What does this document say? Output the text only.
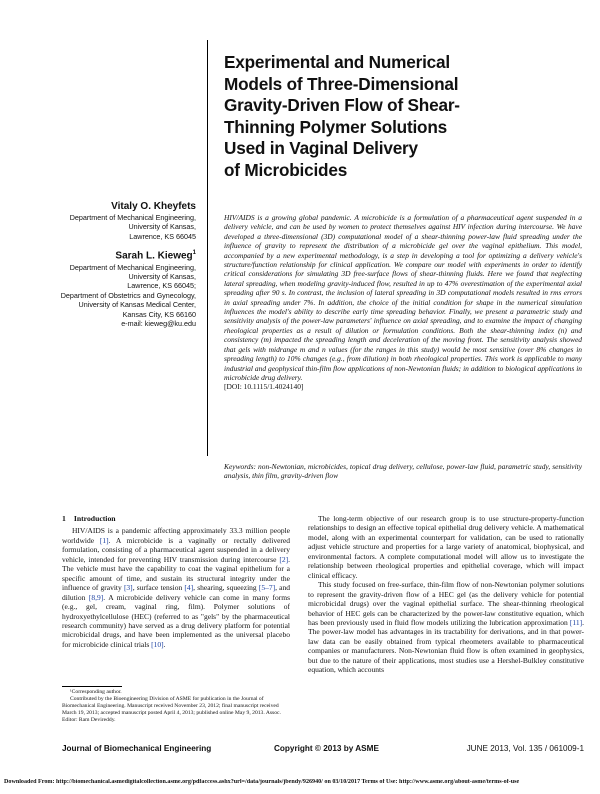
Experimental and Numerical
Models of Three-Dimensional
Gravity-Driven Flow of Shear-
Thinning Polymer Solutions
Used in Vaginal Delivery
of Microbicides
Vitaly O. Kheyfets
Department of Mechanical Engineering,
University of Kansas,
Lawrence, KS 66045
Sarah L. Kieweg$^1$
Department of Mechanical Engineering,
University of Kansas,
Lawrence, KS 66045;
Department of Obstetrics and Gynecology,
University of Kansas Medical Center,
Kansas City, KS 66160
e-mail: kieweg@ku.edu

HIV/AIDS is a growing global pandemic. A microbicide is a formulation of a pharmaceutical agent suspended in a delivery vehicle, and can be used by women to protect themselves against HIV infection during intercourse. We have developed a three-dimensional (3D) computational model of a shear-thinning power-law fluid spreading under the influence of gravity to represent the distribution of a microbicide gel over the vaginal epithelium. This model, accompanied by a new experimental methodology, is a step in developing a tool for optimizing a delivery vehicle's structure/function relationship for clinical application. We compare our model with experiments in order to identify critical considerations for simulating 3D free-surface flows of shear-thinning fluids. Here we found that neglecting lateral spreading, when modeling gravity-induced flow, resulted in up to 47% overestimation of the experimental axial spreading after 90 s. In contrast, the inclusion of lateral spreading in 3D computational models resulted in rms errors in axial spreading under 7%. In addition, the choice of the initial condition for shape in the numerical simulation influences the model's ability to describe early time spreading behavior. Finally, we present a parametric study and sensitivity analysis of the power-law parameters' influence on axial spreading, and to examine the impact of changing rheological properties as a result of dilution or formulation conditions. Both the shear-thinning index (n) and consistency (m) impacted the spreading length and deceleration of the moving front. The sensitivity analysis showed that gels with midrange m and n values (for the ranges in this study) would be most sensitive (over 8% changes in spreading length) to 10% changes (e.g., from dilution) in both rheological properties. This work is applicable to many industrial and geophysical thin-film flow applications of non-Newtonian fluids; in addition to biological applications in microbicide drug delivery.
[DOI: 10.1115/1.4024140]

Keywords: non-Newtonian, microbicides, topical drug delivery, cellulose, power-law fluid, parametric study, sensitivity analysis, thin film, gravity-driven flow

1 Introduction

HIV/AIDS is a pandemic affecting approximately 33.3 million people worldwide [1]. A microbicide is a vaginally or rectally delivered formulation, consisting of a pharmaceutical agent suspended in a delivery vehicle, intended for preventing HIV transmission during intercourse [2]. The vehicle must have the capability to coat the vaginal epithelium for a specific amount of time, and sustain its structural integrity under the influence of gravity [3], surface tension [4], shearing, squeezing [5–7], and dilution [8,9]. A microbicide delivery vehicle can come in many forms (e.g., gel, cream, vaginal ring, film). Polymer solutions of hydroxyethylcellulose (HEC) (referred to as "gels" by the pharmaceutical research community) have served as a drug delivery platform for potential microbicidal drugs, and have been implemented as the universal placebo for microbicide clinical trials [10].

The long-term objective of our research group is to use structure-property-function relationships to design an effective topical epithelial drug delivery vehicle. A mathematical model, along with an experimental counterpart for validation, can be used to rationally adjust vehicle structure and properties for a large variety of anatomical, biophysical, and environmental factors. A complete computational model will allow us to investigate the relationship between rheological properties and epithelial coverage, which will impact clinical efficacy.

This study focused on free-surface, thin-film flow of non-Newtonian polymer solutions to represent the gravity-driven flow of a HEC gel (as the delivery vehicle for potential microbicidal drugs) over the vaginal epithelial surface. The shear-thinning rheological behavior of HEC gels can be characterized by the power-law constitutive equation, which has been previously used in fluid flow models utilizing the lubrication approximation [11]. The power-law model has advantages in its tractability for derivations, and in that power-law data can be easily obtained from typical rheometers available to pharmaceutical companies or manufacturers. Non-Newtonian fluid flow is often examined in geophysics, but due to the nature of their applications, most studies use a Hershel-Bulkley constitutive equation, which accounts

¹Corresponding author.

Contributed by the Bioengineering Division of ASME for publication in the Journal of Biomechanical Engineering. Manuscript received November 23, 2012; final manuscript received March 19, 2013; accepted manuscript posted April 4, 2013; published online May 9, 2013. Assoc. Editor: Ram Devireddy.

Journal of Biomechanical Engineering	Copyright © 2013 by ASME	JUNE 2013, Vol. 135 / 061009-1
Downloaded From: http://biomechanical.asmedigitalcollection.asme.org/pdfaccess.ashx?url=/data/journals/jbendy/926940/ on 03/10/2017 Terms of Use: http://www.asme.org/about-asme/terms-of-use
